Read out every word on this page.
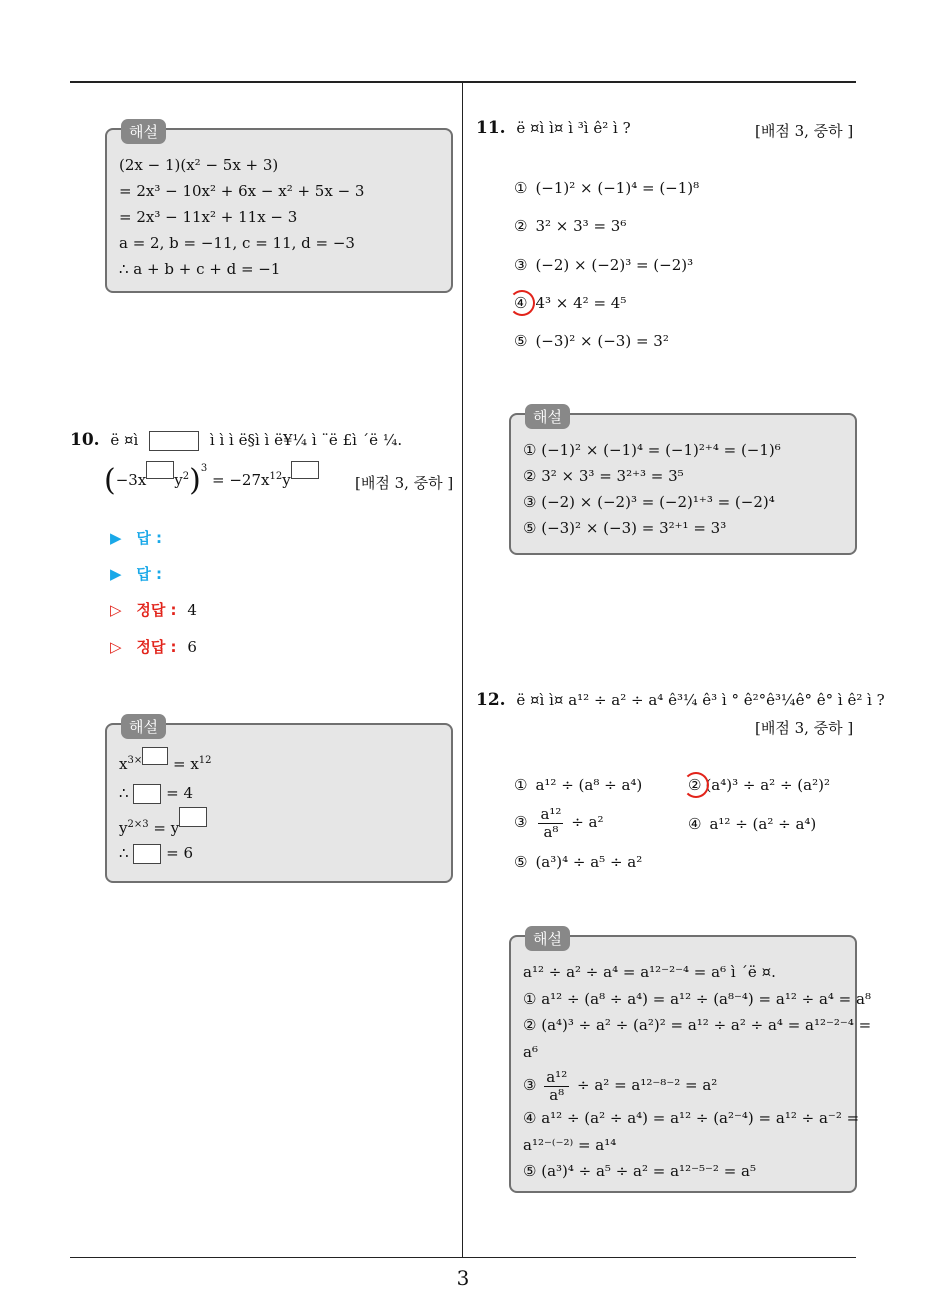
3
해설
(2x − 1)(x² − 5x + 3)
= 2x³ − 10x² + 6x − x² + 5x − 3
= 2x³ − 11x² + 11x − 3
a = 2, b = −11, c = 11, d = −3
∴ a + b + c + d = −1
10. ë ¤ì	ì ì ì ë§ì ì ë¥¼ ì ¨ë £ì ´ë ¼.
(−3x $y^2)^3 = -27x^{12}y$	[배점 3, 중하 ]
▶ 답 :
▶ 답 :
▷ 정답 : 4
▷ 정답 : 6
해설
$x^{3\times} = x^{12}$
∴	= 4
$y^{2\times 3} = y$
∴	= 6
11. ë ¤ì ì¤ ì ³ì ê² ì ?	[배점 3, 중하 ]
① (−1)² × (−1)⁴ = (−1)⁸
② 3² × 3³ = 3⁶
③ (−2) × (−2)³ = (−2)³
④ 4³ × 4² = 4⁵
⑤ (−3)² × (−3) = 3²
해설
① (−1)² × (−1)⁴ = (−1)²⁺⁴ = (−1)⁶
② 3² × 3³ = 3²⁺³ = 3⁵
③ (−2) × (−2)³ = (−2)¹⁺³ = (−2)⁴
⑤ (−3)² × (−3) = 3²⁺¹ = 3³
12. ë ¤ì ì¤ a¹² ÷ a² ÷ a⁴ ê³¼ ê³ ì ° ê²°ê³¼ê° ê° ì ê² ì ?
[배점 3, 중하 ]
① a¹² ÷ (a⁸ ÷ a⁴)	② (a⁴)³ ÷ a² ÷ (a²)²
③ $\frac{\text{a¹²}}{\text{a⁸}} \div a^2$	④ a¹² ÷ (a² ÷ a⁴)
⑤ (a³)⁴ ÷ a⁵ ÷ a²
해설
a¹² ÷ a² ÷ a⁴ = a¹²⁻²⁻⁴ = a⁶ ì ´ë ¤.
① a¹² ÷ (a⁸ ÷ a⁴) = a¹² ÷ (a⁸⁻⁴) = a¹² ÷ a⁴ = a⁸
② (a⁴)³ ÷ a² ÷ (a²)² = a¹² ÷ a² ÷ a⁴ = a¹²⁻²⁻⁴ =
a⁶
③ $\frac{\text{a¹²}}{\text{a⁸}} \div a^2 = a^{12-8-2} = a^2$
④ a¹² ÷ (a² ÷ a⁴) = a¹² ÷ (a²⁻⁴) = a¹² ÷ a⁻² =
a¹²⁻⁽⁻²⁾ = a¹⁴
⑤ (a³)⁴ ÷ a⁵ ÷ a² = a¹²⁻⁵⁻² = a⁵
